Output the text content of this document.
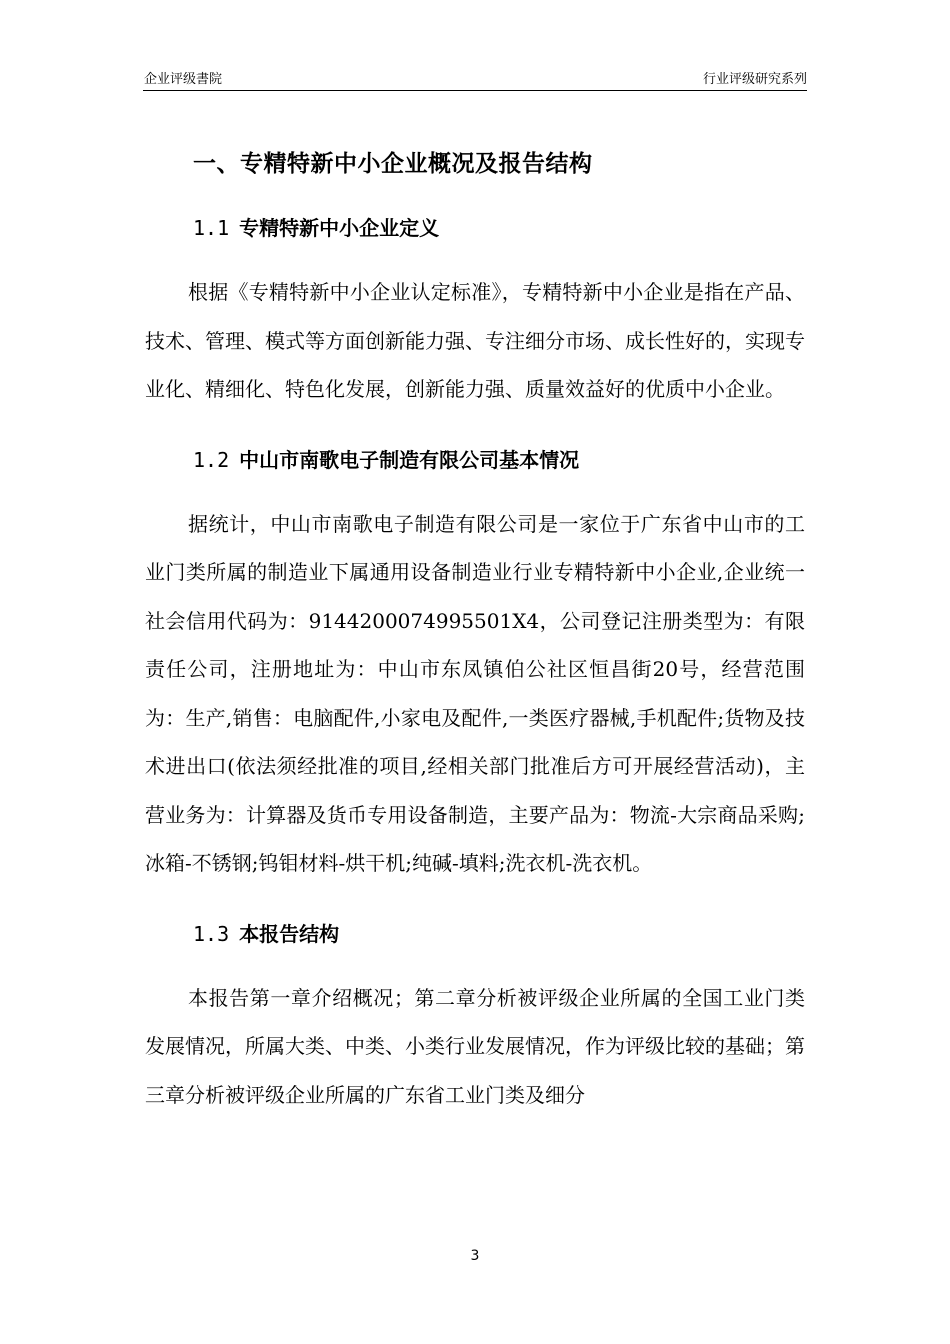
企业评级書院	行业评级研究系列
一、专精特新中小企业概况及报告结构
1.1 专精特新中小企业定义

根据《专精特新中小企业认定标准》，专精特新中小企业是指在产品、技术、管理、模式等方面创新能力强、专注细分市场、成长性好的，实现专业化、精细化、特色化发展，创新能力强、质量效益好的优质中小企业。

1.2 中山市南歌电子制造有限公司基本情况

据统计，中山市南歌电子制造有限公司是一家位于广东省中山市的工业门类所属的制造业下属通用设备制造业行业专精特新中小企业,企业统一社会信用代码为：9144200074995501X4，公司登记注册类型为：有限责任公司，注册地址为：中山市东凤镇伯公社区恒昌街20号，经营范围为：生产,销售：电脑配件,小家电及配件,一类医疗器械,手机配件;货物及技术进出口(依法须经批准的项目,经相关部门批准后方可开展经营活动)，主营业务为：计算器及货币专用设备制造，主要产品为：物流-大宗商品采购;冰箱-不锈钢;钨钼材料-烘干机;纯碱-填料;洗衣机-洗衣机。

1.3 本报告结构

本报告第一章介绍概况；第二章分析被评级企业所属的全国工业门类发展情况，所属大类、中类、小类行业发展情况，作为评级比较的基础；第三章分析被评级企业所属的广东省工业门类及细分

3
